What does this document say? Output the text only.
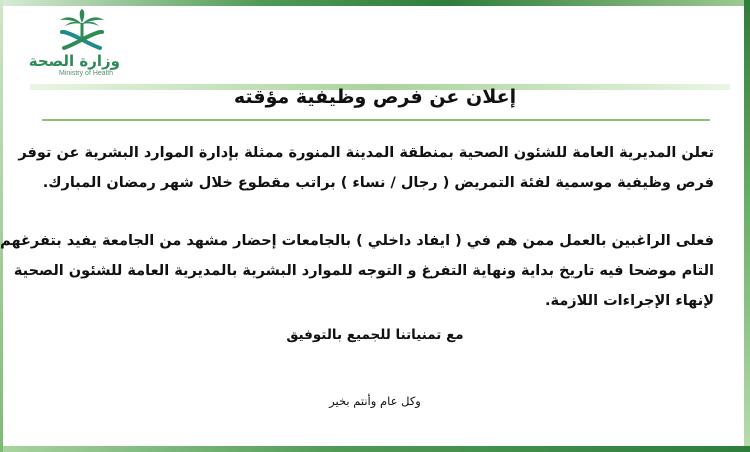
وزارة الصحة
Ministry of Health
إعلان عن فرص وظيفية مؤقته
تعلن المديرية العامة للشئون الصحية بمنطقة المدينة المنورة ممثلة بإدارة الموارد البشرية عن توفر
فرص وظيفية موسمية لفئة التمريض ( رجال / نساء ) براتب مقطوع خلال شهر رمضان المبارك.
فعلى الراغبين بالعمل ممن هم في ( ايفاد داخلي ) بالجامعات إحضار مشهد من الجامعة يفيد بتفرغهم
التام موضحا فيه تاريخ بداية ونهاية التفرغ و التوجه للموارد البشرية بالمديرية العامة للشئون الصحية
لإنهاء الإجراءات اللازمة.
مع تمنياتنا للجميع بالتوفيق
وكل عام وأنتم بخير
